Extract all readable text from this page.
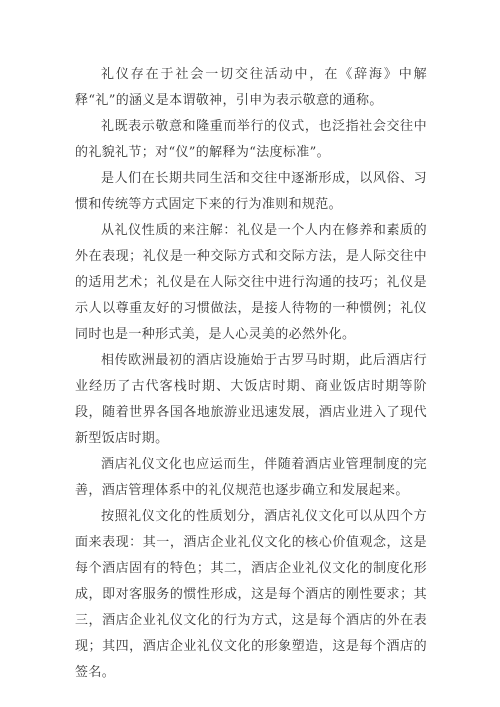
礼仪存在于社会一切交往活动中，在《辞海》中解释“礼”的涵义是本谓敬神，引申为表示敬意的通称。

礼既表示敬意和隆重而举行的仪式，也泛指社会交往中的礼貌礼节；对“仪”的解释为“法度标准”。

是人们在长期共同生活和交往中逐渐形成，以风俗、习惯和传统等方式固定下来的行为准则和规范。

从礼仪性质的来注解：礼仪是一个人内在修养和素质的外在表现；礼仪是一种交际方式和交际方法，是人际交往中的适用艺术；礼仪是在人际交往中进行沟通的技巧；礼仪是示人以尊重友好的习惯做法，是接人待物的一种惯例；礼仪同时也是一种形式美，是人心灵美的必然外化。

相传欧洲最初的酒店设施始于古罗马时期，此后酒店行业经历了古代客栈时期、大饭店时期、商业饭店时期等阶段，随着世界各国各地旅游业迅速发展，酒店业进入了现代新型饭店时期。

酒店礼仪文化也应运而生，伴随着酒店业管理制度的完善，酒店管理体系中的礼仪规范也逐步确立和发展起来。

按照礼仪文化的性质划分，酒店礼仪文化可以从四个方面来表现：其一，酒店企业礼仪文化的核心价值观念，这是每个酒店固有的特色；其二，酒店企业礼仪文化的制度化形成，即对客服务的惯性形成，这是每个酒店的刚性要求；其三，酒店企业礼仪文化的行为方式，这是每个酒店的外在表现；其四，酒店企业礼仪文化的形象塑造，这是每个酒店的签名。
